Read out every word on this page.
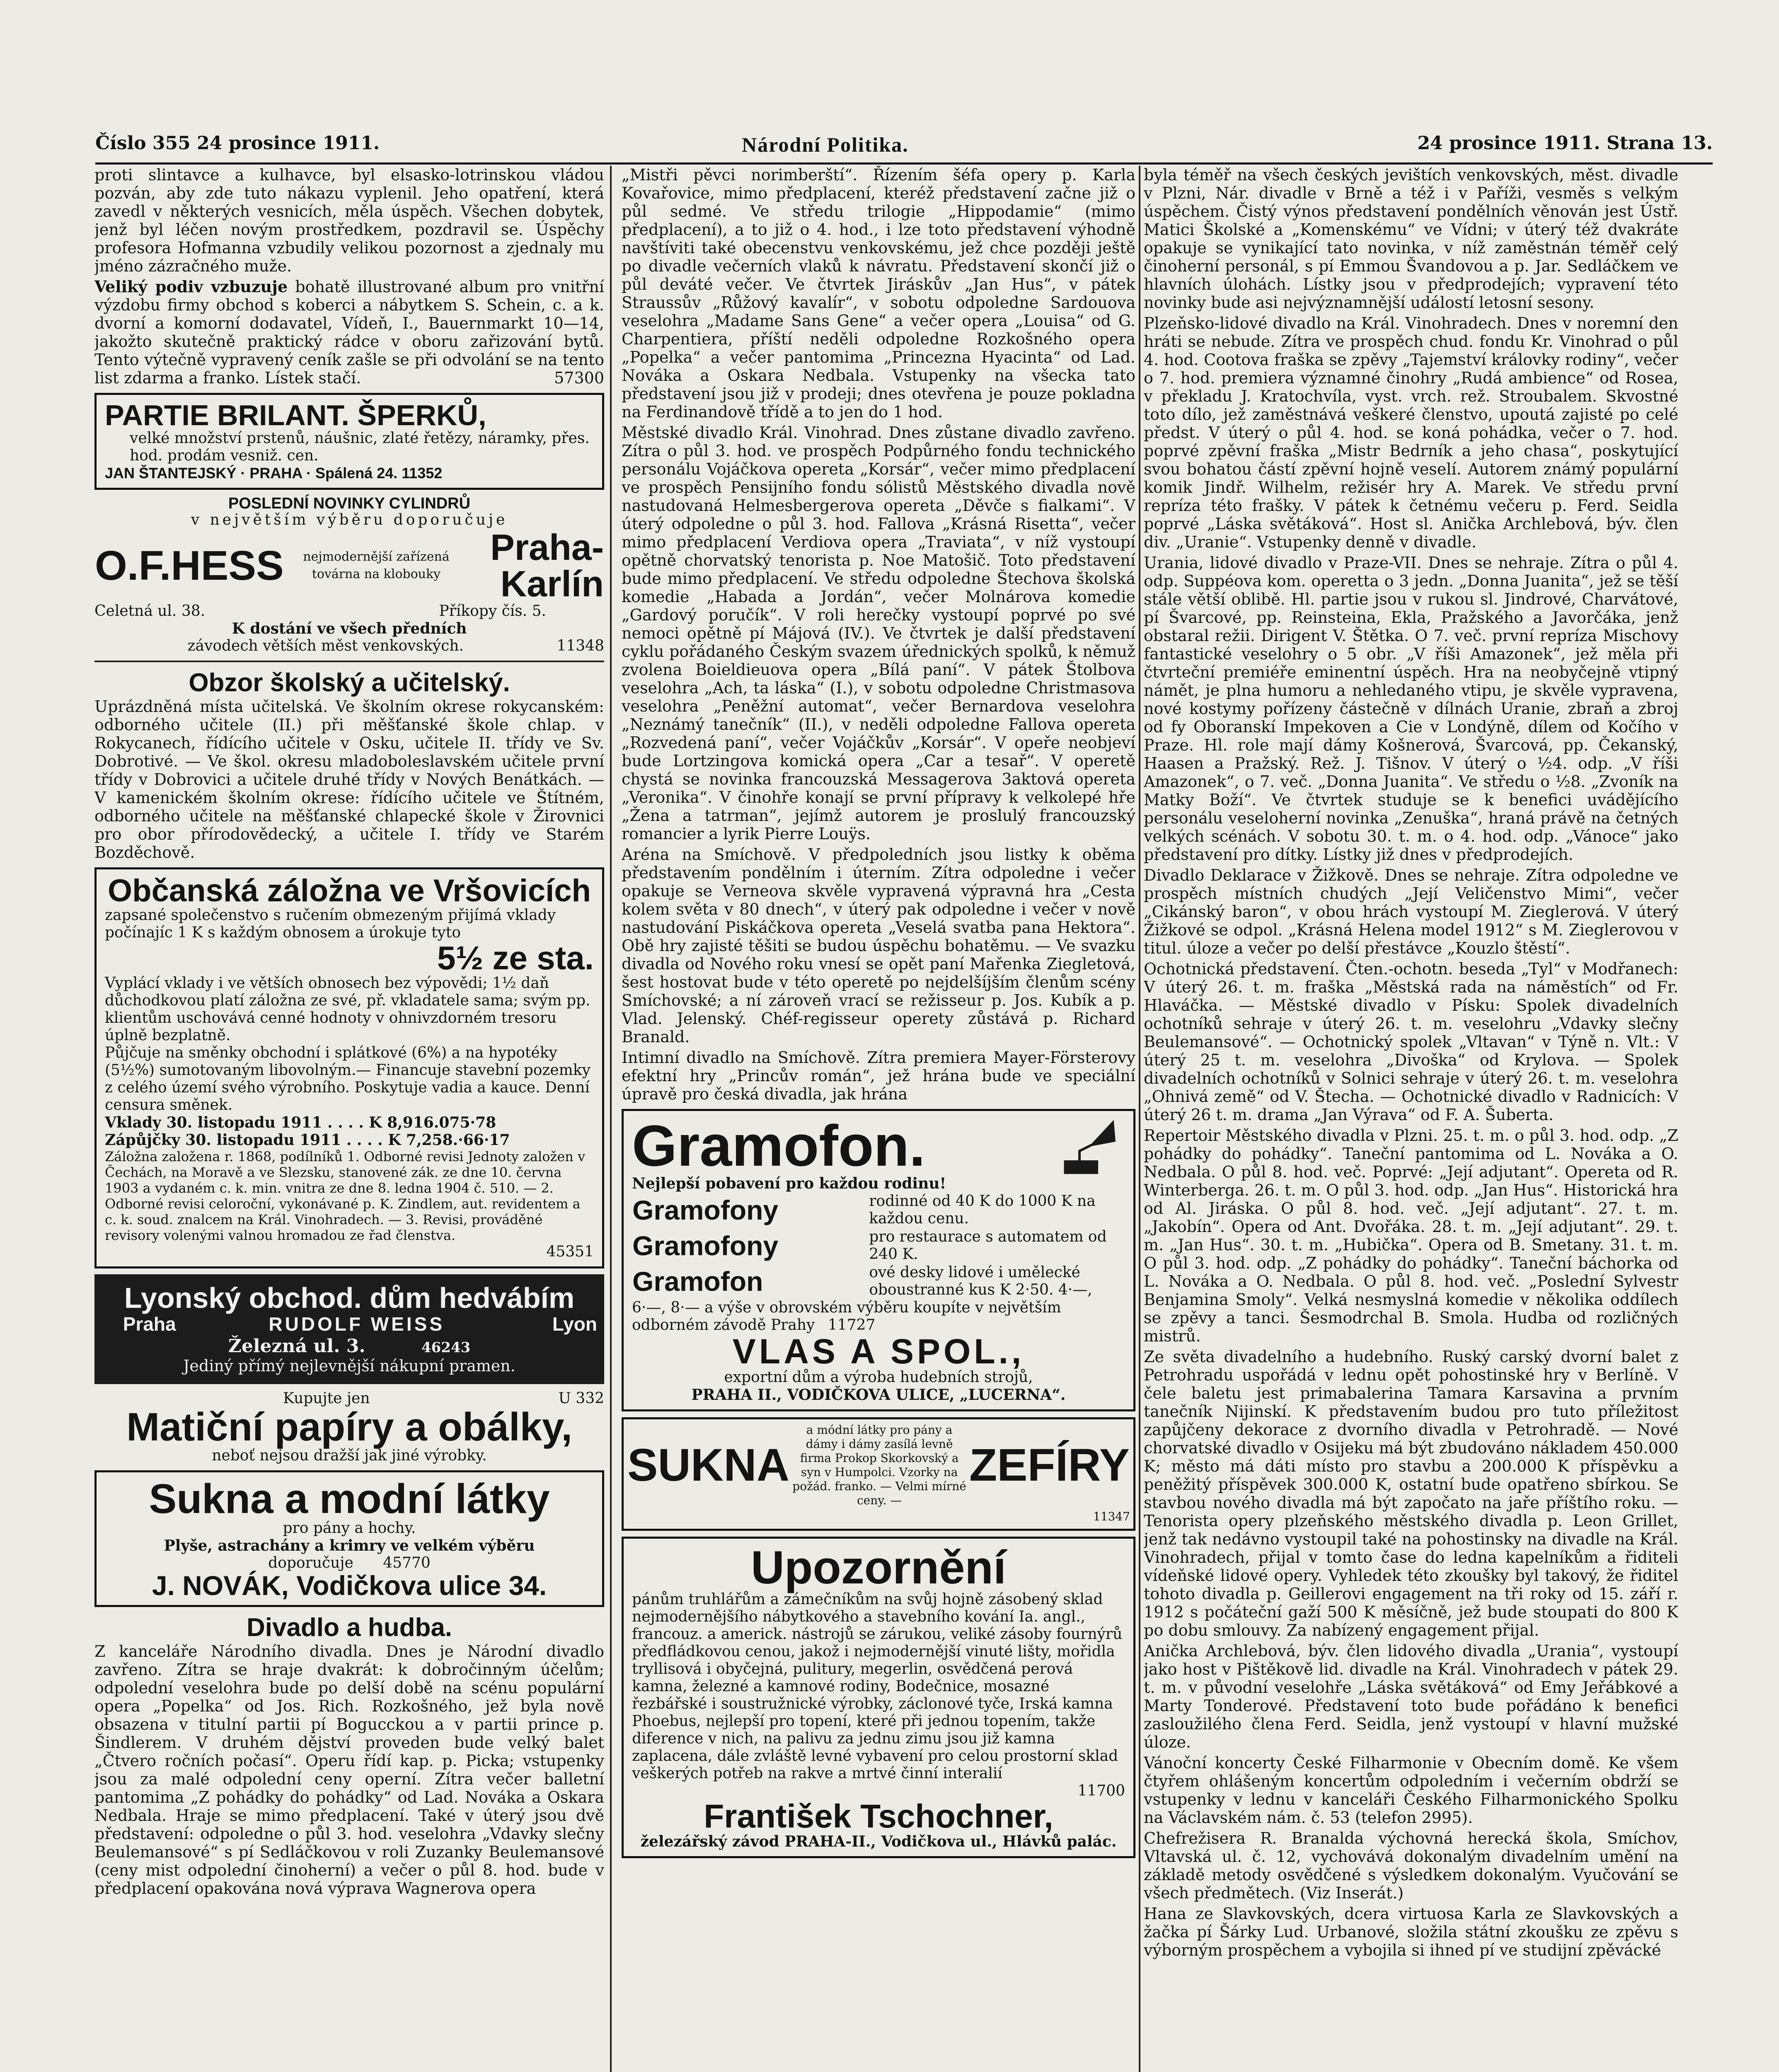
Číslo 355 24 prosince 1911.	Národní Politika.	24 prosince 1911. Strana 13.

proti slintavce a kulhavce, byl elsasko-lotrinskou vládou pozván, aby zde tuto nákazu vyplenil. Jeho opatření, která zavedl v některých vesnicích, měla úspěch. Všechen dobytek, jenž byl léčen novým prostředkem, pozdravil se. Úspěchy profesora Hofmanna vzbudily velikou pozornost a zjednaly mu jméno zázračného muže.

Veliký podiv vzbuzuje bohatě illustrované album pro vnitřní výzdobu firmy obchod s koberci a nábytkem S. Schein, c. a k. dvorní a komorní dodavatel, Vídeň, I., Bauernmarkt 10—14, jakožto skutečně praktický rádce v oboru zařizování bytů. Tento výtečně vypravený ceník zašle se při odvolání se na tento list zdarma a franko. Lístek stačí.	57300

PARTIE BRILANT. ŠPERKŮ,
velké množství prstenů, náušnic, zlaté řetězy, náramky, přes. hod. prodám vesniž. cen.
JAN ŠTANTEJSKÝ · PRAHA · Spálená 24. 11352
POSLEDNÍ NOVINKY CYLINDRŮ
v největším výběru doporučuje
O.F.HESS	nejmodernější zařízená továrna na klobouky	Praha-Karlín
Celetná ul. 38.	Příkopy čís. 5.
K dostání ve všech předních
závodech větších měst venkovských.	11348
Obzor školský a učitelský.

Uprázdněná místa učitelská. Ve školním okrese rokycanském: odborného učitele (II.) při měšťanské škole chlap. v Rokycanech, řídícího učitele v Osku, učitele II. třídy ve Sv. Dobrotivé. — Ve škol. okresu mladoboleslavském učitele první třídy v Dobrovici a učitele druhé třídy v Nových Benátkách. — V kamenickém školním okrese: řídícího učitele ve Štítném, odborného učitele na měšťanské chlapecké škole v Žirovnici pro obor přírodovědecký, a učitele I. třídy ve Starém Bozděchově.

Občanská záložna ve Vršovicích
zapsané společenstvo s ručením obmezeným přijímá vklady počínajíc 1 K s každým obnosem a úrokuje tyto
5½ ze sta.
Vyplácí vklady i ve větších obnosech bez výpovědi; 1½ daň důchodkovou platí záložna ze své, př. vkladatele sama; svým pp. klientům uschovává cenné hodnoty v ohnivzdorném tresoru úplně bezplatně.
Půjčuje na směnky obchodní i splátkové (6%) a na hypotéky (5½%) sumotovaným libovolným.— Financuje stavební pozemky z celého území svého výrobního. Poskytuje vadia a kauce. Denní censura směnek.
Vklady 30. listopadu 1911 . . . . K 8,916.075·78
Zápůjčky 30. listopadu 1911 . . . . K 7,258.·66·17
Záložna založena r. 1868, podílníků 1. Odborné revisi Jednoty založen v Čechách, na Moravě a ve Slezsku, stanovené zák. ze dne 10. června 1903 a vydaném c. k. min. vnitra ze dne 8. ledna 1904 č. 510. — 2. Odborné revisi celoroční, vykonávané p. K. Zindlem, aut. revidentem a c. k. soud. znalcem na Král. Vinohradech. — 3. Revisi, prováděné revisory volenými valnou hromadou ze řad členstva.
45351
Lyonský obchod. dům hedvábím
Praha	RUDOLF WEISS	Lyon
Železná ul. 3.	46243
Jediný přímý nejlevnější nákupní pramen.
Kupujte jen	U 332
Matiční papíry a obálky,
neboť nejsou dražší jak jiné výrobky.
Sukna a modní látky
pro pány a hochy.
Plyše, astrachány a krimry ve velkém výběru
doporučuje 45770
J. NOVÁK, Vodičkova ulice 34.
Divadlo a hudba.

Z kanceláře Národního divadla. Dnes je Národní divadlo zavřeno. Zítra se hraje dvakrát: k dobročinným účelům; odpolední veselohra bude po delší době na scénu populární opera „Popelka“ od Jos. Rich. Rozkošného, jež byla nově obsazena v titulní partii pí Bogucckou a v partii prince p. Šindlerem. V druhém dějství proveden bude velký balet „Čtvero ročních počasí“. Operu řídí kap. p. Picka; vstupenky jsou za malé odpolední ceny operní. Zítra večer balletní pantomima „Z pohádky do pohádky“ od Lad. Nováka a Oskara Nedbala. Hraje se mimo předplacení. Také v úterý jsou dvě představení: odpoledne o půl 3. hod. veselohra „Vdavky slečny Beulemansové“ s pí Sedláčkovou v roli Zuzanky Beulemansové (ceny mist odpolední činoherní) a večer o půl 8. hod. bude v předplacení opakována nová výprava Wagnerova opera

„Mistři pěvci norimberští“. Řízením šéfa opery p. Karla Kovařovice, mimo předplacení, kteréž představení začne již o půl sedmé. Ve středu trilogie „Hippodamie“ (mimo předplacení), a to již o 4. hod., i lze toto představení výhodně navštíviti také obecenstvu venkovskému, jež chce později ještě po divadle večerních vlaků k návratu. Představení skončí již o půl deváté večer. Ve čtvrtek Jiráskův „Jan Hus“, v pátek Straussův „Růžový kavalír“, v sobotu odpoledne Sardouova veselohra „Madame Sans Gene“ a večer opera „Louisa“ od G. Charpentiera, příští neděli odpoledne Rozkošného opera „Popelka“ a večer pantomima „Princezna Hyacinta“ od Lad. Nováka a Oskara Nedbala. Vstupenky na všecka tato představení jsou již v prodeji; dnes otevřena je pouze pokladna na Ferdinandově třídě a to jen do 1 hod.

Městské divadlo Král. Vinohrad. Dnes zůstane divadlo zavřeno. Zítra o půl 3. hod. ve prospěch Podpůrného fondu technického personálu Vojáčkova opereta „Korsár“, večer mimo předplacení ve prospěch Pensijního fondu sólistů Městského divadla nově nastudovaná Helmesbergerova opereta „Děvče s fialkami“. V úterý odpoledne o půl 3. hod. Fallova „Krásná Risetta“, večer mimo předplacení Verdiova opera „Traviata“, v níž vystoupí opětně chorvatský tenorista p. Noe Matošič. Toto představení bude mimo předplacení. Ve středu odpoledne Štechova školská komedie „Habada a Jordán“, večer Molnárova komedie „Gardový poručík“. V roli herečky vystoupí poprvé po své nemoci opětně pí Májová (IV.). Ve čtvrtek je další představení cyklu pořádaného Českým svazem úřednických spolků, k němuž zvolena Boieldieuova opera „Bílá paní“. V pátek Štolbova veselohra „Ach, ta láska“ (I.), v sobotu odpoledne Christmasova veselohra „Peněžní automat“, večer Bernardova veselohra „Neznámý tanečník“ (II.), v neděli odpoledne Fallova opereta „Rozvedená paní“, večer Vojáčkův „Korsár“. V opeře neobjeví bude Lortzingova komická opera „Car a tesař“. V operetě chystá se novinka francouzská Messagerova 3aktová opereta „Veronika“. V činohře konají se první přípravy k velkolepé hře „Žena a tatrman“, jejímž autorem je proslulý francouzský romancier a lyrik Pierre Louÿs.

Aréna na Smíchově. V předpoledních jsou listky k oběma představením pondělním i úterním. Zítra odpoledne i večer opakuje se Verneova skvěle vypravená výpravná hra „Cesta kolem světa v 80 dnech“, v úterý pak odpoledne i večer v nově nastudování Piskáčkova opereta „Veselá svatba pana Hektora“. Obě hry zajisté těšiti se budou úspěchu bohatěmu. — Ve svazku divadla od Nového roku vnesí se opět paní Mařenka Ziegletová, šest hostovat bude v této operetě po nejdelšíjším členům scény Smíchovské; a ní zároveň vrací se režisseur p. Jos. Kubík a p. Vlad. Jelenský. Chéf-regisseur operety zůstává p. Richard Branald.

Intimní divadlo na Smíchově. Zítra premiera Mayer-Försterovy efektní hry „Princův román“, jež hrána bude ve speciální úpravě pro česká divadla, jak hrána

Gramofon.
Nejlepší pobavení pro každou rodinu!
Gramofony	rodinné od 40 K do 1000 K na každou cenu.
Gramofony	pro restaurace s automatem od 240 K.
Gramofon	ové desky lidové i umělecké oboustranné kus K 2·50. 4·—,
6·—, 8·— a výše v obrovském výběru koupíte v největším odborném závodě Prahy 11727
VLAS A SPOL.,
exportní dům a výroba hudebních strojů,
PRAHA II., VODIČKOVA ULICE, „LUCERNA“.
SUKNA	a módní látky pro pány a dámy i dámy zasílá levně firma Prokop Skorkovský a syn v Humpolci. Vzorky na požád. franko. — Velmi mírné ceny. —	ZEFÍRY
11347
Upozornění
pánům truhlářům a zámečníkům na svůj hojně zásobený sklad nejmodernějšího nábytkového a stavebního kování Ia. angl., francouz. a americk. nástrojů se zárukou, veliké zásoby fournýrů předfládkovou cenou, jakož i nejmodernější vinuté lišty, mořidla tryllisová i obyčejná, pulitury, megerlin, osvědčená perová kamna, železné a kamnové rodiny, Bodečnice, mosazné řezbářské i soustružnické výrobky, záclonové tyče, Irská kamna Phoebus, nejlepší pro topení, které při jednou topením, takže diference v nich, na palivu za jednu zimu jsou již kamna zaplacena, dále zvláště levné vybavení pro celou prostorní sklad veškerých potřeb na rakve a mrtvé činní interalií
11700
František Tschochner,
železářský závod PRAHA-II., Vodičkova ul., Hlávků palác.

byla téměř na všech českých jevištích venkovských, měst. divadle v Plzni, Nár. divadle v Brně a též i v Paříži, vesměs s velkým úspěchem. Čistý výnos představení pondělních věnován jest Ústř. Matici Školské a „Komenskému“ ve Vídni; v úterý též dvakráte opakuje se vynikající tato novinka, v níž zaměstnán téměř celý činoherní personál, s pí Emmou Švandovou a p. Jar. Sedláčkem ve hlavních úlohách. Lístky jsou v předprodejích; vypravení této novinky bude asi nejvýznamnější událostí letosní sesony.

Plzeňsko-lidové divadlo na Král. Vinohradech. Dnes v noremní den hráti se nebude. Zítra ve prospěch chud. fondu Kr. Vinohrad o půl 4. hod. Cootova fraška se zpěvy „Tajemství královky rodiny“, večer o 7. hod. premiera významné činohry „Rudá ambience“ od Rosea, v překladu J. Kratochvíla, vyst. vrch. rež. Stroubalem. Skvostné toto dílo, jež zaměstnává veškeré členstvo, upoutá zajisté po celé předst. V úterý o půl 4. hod. se koná pohádka, večer o 7. hod. poprvé zpěvní fraška „Mistr Bedrník a jeho chasa“, poskytující svou bohatou částí zpěvní hojně veselí. Autorem známý populární komik Jindř. Wilhelm, režisér hry A. Marek. Ve středu první repríza této frašky. V pátek k četnému večeru p. Ferd. Seidla poprvé „Láska světáková“. Host sl. Anička Archlebová, býv. člen div. „Uranie“. Vstupenky denně v divadle.

Urania, lidové divadlo v Praze-VII. Dnes se nehraje. Zítra o půl 4. odp. Suppéova kom. operetta o 3 jedn. „Donna Juanita“, jež se těší stále větší oblibě. Hl. partie jsou v rukou sl. Jindrové, Charvátové, pí Švarcové, pp. Reinsteina, Ekla, Pražského a Javorčáka, jenž obstaral režii. Dirigent V. Štětka. O 7. več. první repríza Mischovy fantastické veselohry o 5 obr. „V říši Amazonek“, jež měla při čtvrteční premiéře eminentní úspěch. Hra na neobyčejně vtipný námět, je plna humoru a nehledaného vtipu, je skvěle vypravena, nové kostymy pořízeny částečně v dílnách Uranie, zbraň a zbroj od fy Oboranskí Impekoven a Cie v Londýně, dílem od Kočího v Praze. Hl. role mají dámy Košnerová, Švarcová, pp. Čekanský, Haasen a Pražský. Rež. J. Tišnov. V úterý o ½4. odp. „V říši Amazonek“, o 7. več. „Donna Juanita“. Ve středu o ½8. „Zvoník na Matky Boží“. Ve čtvrtek studuje se k benefici uvádějícího personálu veseloherní novinka „Zenuška“, hraná právě na četných velkých scénách. V sobotu 30. t. m. o 4. hod. odp. „Vánoce“ jako představení pro dítky. Lístky již dnes v předprodejích.

Divadlo Deklarace v Žižkově. Dnes se nehraje. Zítra odpoledne ve prospěch místních chudých „Její Veličenstvo Mimi“, večer „Cikánský baron“, v obou hrách vystoupí M. Zieglerová. V úterý Žižkové se odpol. „Krásná Helena model 1912“ s M. Zieglerovou v titul. úloze a večer po delší přestávce „Kouzlo štěstí“.

Ochotnická představení. Čten.-ochotn. beseda „Tyl“ v Modřanech: V úterý 26. t. m. fraška „Městská rada na náměstích“ od Fr. Hlaváčka. — Městské divadlo v Písku: Spolek divadelních ochotníků sehraje v úterý 26. t. m. veselohru „Vdavky slečny Beulemansové“. — Ochotnický spolek „Vltavan“ v Týně n. Vlt.: V úterý 25 t. m. veselohra „Divoška“ od Krylova. — Spolek divadelních ochotníků v Solnici sehraje v úterý 26. t. m. veselohra „Ohnivá země“ od V. Štecha. — Ochotnické divadlo v Radnicích: V úterý 26 t. m. drama „Jan Výrava“ od F. A. Šuberta.

Repertoir Městského divadla v Plzni. 25. t. m. o půl 3. hod. odp. „Z pohádky do pohádky“. Taneční pantomima od L. Nováka a O. Nedbala. O půl 8. hod. več. Poprvé: „Její adjutant“. Opereta od R. Winterberga. 26. t. m. O půl 3. hod. odp. „Jan Hus“. Historická hra od Al. Jiráska. O půl 8. hod. več. „Její adjutant“. 27. t. m. „Jakobín“. Opera od Ant. Dvořáka. 28. t. m. „Její adjutant“. 29. t. m. „Jan Hus“. 30. t. m. „Hubička“. Opera od B. Smetany. 31. t. m. O půl 3. hod. odp. „Z pohádky do pohádky“. Taneční báchorka od L. Nováka a O. Nedbala. O půl 8. hod. več. „Poslední Sylvestr Benjamina Smoly“. Velká nesmyslná komedie v několika oddílech se zpěvy a tanci. Šesmodrchal B. Smola. Hudba od rozličných mistrů.

Ze světa divadelního a hudebního. Ruský carský dvorní balet z Petrohradu uspořádá v lednu opět pohostinské hry v Berlíně. V čele baletu jest primabalerina Tamara Karsavina a prvním tanečník Nijinskí. K představením budou pro tuto příležitost zapůjčeny dekorace z dvorního divadla v Petrohradě. — Nové chorvatské divadlo v Osijeku má být zbudováno nákladem 450.000 K; město má dáti místo pro stavbu a 200.000 K příspěvku a peněžitý příspěvek 300.000 K, ostatní bude opatřeno sbírkou. Se stavbou nového divadla má být započato na jaře příštího roku. — Tenorista opery plzeňského městského divadla p. Leon Grillet, jenž tak nedávno vystoupil také na pohostinsky na divadle na Král. Vinohradech, přijal v tomto čase do ledna kapelníkům a řiditeli vídeňské lidové opery. Vyhledek této zkoušky byl takový, že řiditel tohoto divadla p. Geillerovi engagement na tři roky od 15. září r. 1912 s počáteční gaží 500 K měsíčně, jež bude stoupati do 800 K po dobu smlouvy. Za nabízený engagement přijal.

Anička Archlebová, býv. člen lidového divadla „Urania“, vystoupí jako host v Pištěkově lid. divadle na Král. Vinohradech v pátek 29. t. m. v původní veselohře „Láska světáková“ od Emy Jeřábkové a Marty Tonderové. Představení toto bude pořádáno k benefici zasloužilého člena Ferd. Seidla, jenž vystoupí v hlavní mužské úloze.

Vánoční koncerty České Filharmonie v Obecním domě. Ke všem čtyřem ohlášeným koncertům odpoledním i večerním obdrží se vstupenky v lednu v kanceláři Českého Filharmonického Spolku na Václavském nám. č. 53 (telefon 2995).

Chefrežisera R. Branalda výchovná herecká škola, Smíchov, Vltavská ul. č. 12, vychovává dokonalým divadelním umění na základě metody osvědčené s výsledkem dokonalým. Vyučování se všech předmětech. (Viz Inserát.)

Hana ze Slavkovských, dcera virtuosa Karla ze Slavkovských a žačka pí Šárky Lud. Urbanové, složila státní zkoušku ze zpěvu s výborným prospěchem a vybojila si ihned pí ve studijní zpěvácké
